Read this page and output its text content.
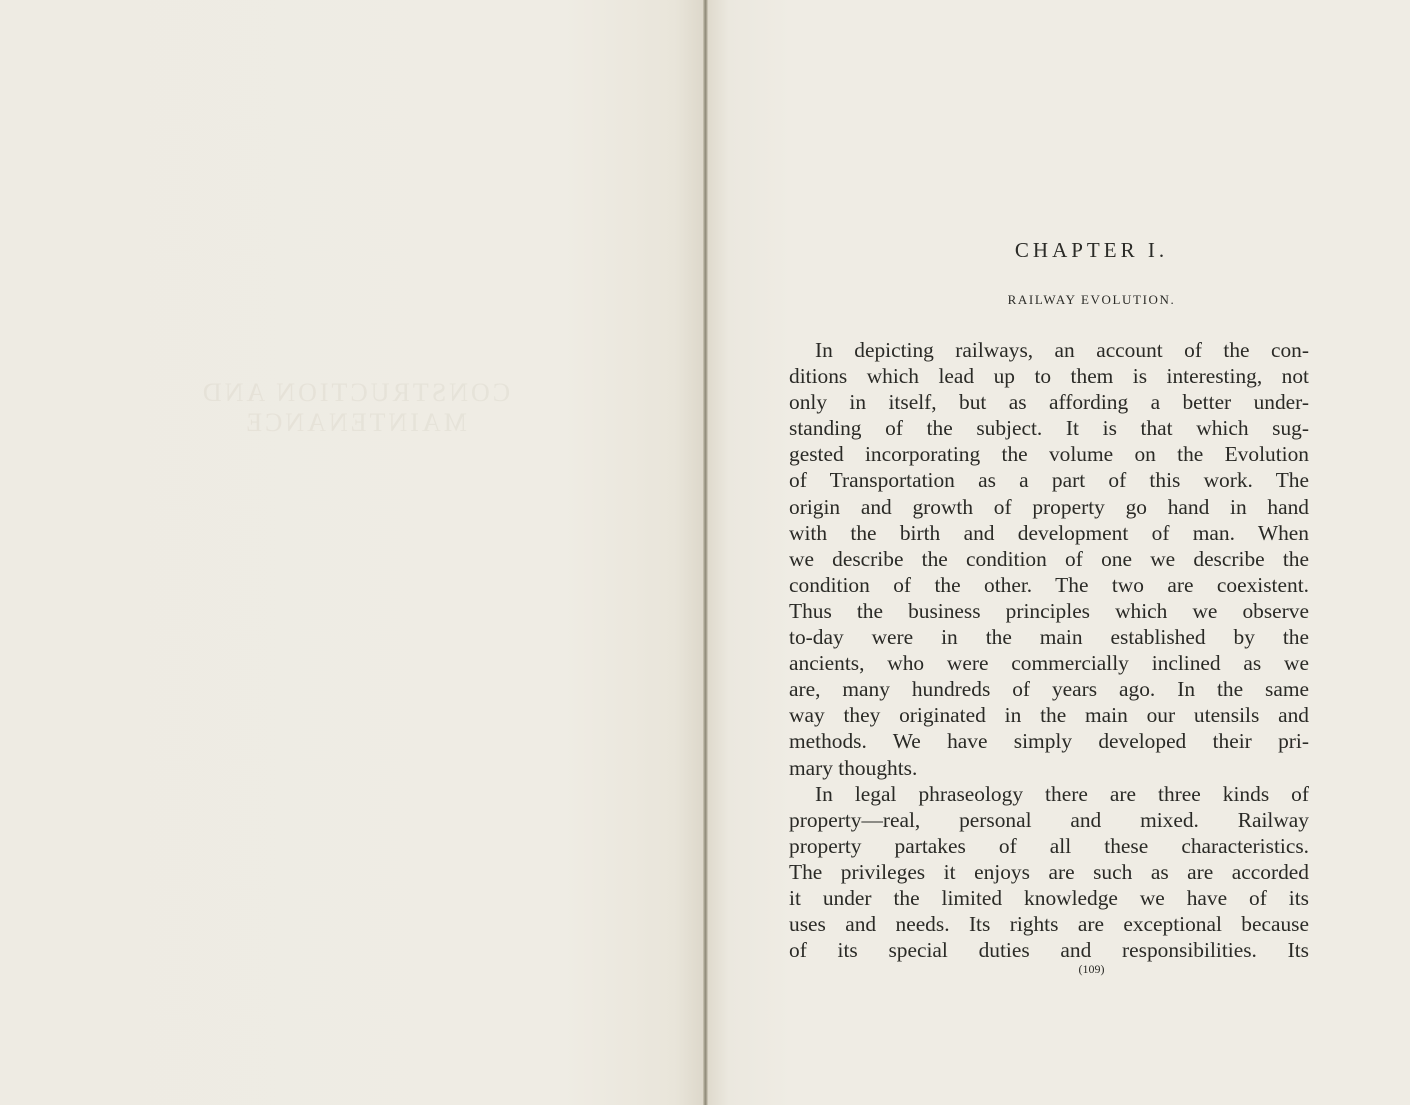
CONSTRUCTION AND MAINTENANCE
CHAPTER I.
RAILWAY EVOLUTION.
In depicting railways, an account of the con-
ditions which lead up to them is interesting, not
only in itself, but as affording a better under-
standing of the subject. It is that which sug-
gested incorporating the volume on the Evolution
of Transportation as a part of this work. The
origin and growth of property go hand in hand
with the birth and development of man. When
we describe the condition of one we describe the
condition of the other. The two are coexistent.
Thus the business principles which we observe
to-day were in the main established by the
ancients, who were commercially inclined as we
are, many hundreds of years ago. In the same
way they originated in the main our utensils and
methods. We have simply developed their pri-
mary thoughts.
In legal phraseology there are three kinds of
property—real, personal and mixed. Railway
property partakes of all these characteristics.
The privileges it enjoys are such as are accorded
it under the limited knowledge we have of its
uses and needs. Its rights are exceptional because
of its special duties and responsibilities. Its
(109)
